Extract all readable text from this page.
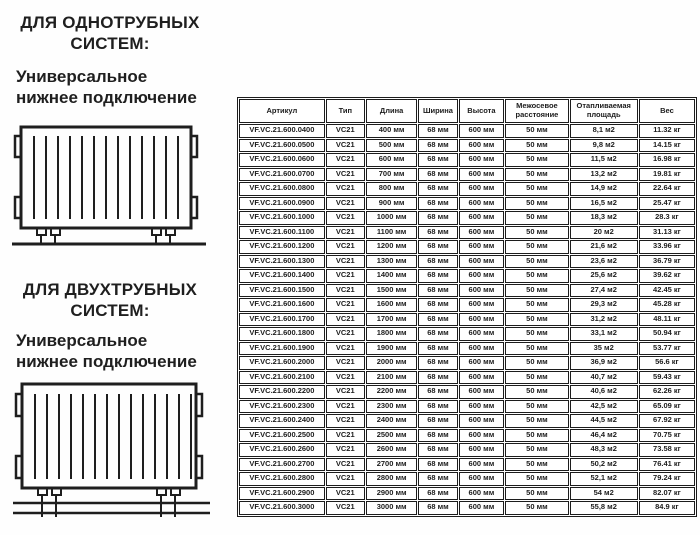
ДЛЯ ОДНОТРУБНЫХ СИСТЕМ:
Универсальное нижнее подключение
ДЛЯ ДВУХТРУБНЫХ СИСТЕМ:
Универсальное нижнее подключение
Артикул	Тип	Длина	Ширина	Высота	Межосевое расстояние	Отапливаемая площадь	Вес
VF.VC.21.600.0400	VC21	400 мм	68 мм	600 мм	50 мм	8,1 м2	11.32 кг
VF.VC.21.600.0500	VC21	500 мм	68 мм	600 мм	50 мм	9,8 м2	14.15 кг
VF.VC.21.600.0600	VC21	600 мм	68 мм	600 мм	50 мм	11,5 м2	16.98 кг
VF.VC.21.600.0700	VC21	700 мм	68 мм	600 мм	50 мм	13,2 м2	19.81 кг
VF.VC.21.600.0800	VC21	800 мм	68 мм	600 мм	50 мм	14,9 м2	22.64 кг
VF.VC.21.600.0900	VC21	900 мм	68 мм	600 мм	50 мм	16,5 м2	25.47 кг
VF.VC.21.600.1000	VC21	1000 мм	68 мм	600 мм	50 мм	18,3 м2	28.3 кг
VF.VC.21.600.1100	VC21	1100 мм	68 мм	600 мм	50 мм	20 м2	31.13 кг
VF.VC.21.600.1200	VC21	1200 мм	68 мм	600 мм	50 мм	21,6 м2	33.96 кг
VF.VC.21.600.1300	VC21	1300 мм	68 мм	600 мм	50 мм	23,6 м2	36.79 кг
VF.VC.21.600.1400	VC21	1400 мм	68 мм	600 мм	50 мм	25,6 м2	39.62 кг
VF.VC.21.600.1500	VC21	1500 мм	68 мм	600 мм	50 мм	27,4 м2	42.45 кг
VF.VC.21.600.1600	VC21	1600 мм	68 мм	600 мм	50 мм	29,3 м2	45.28 кг
VF.VC.21.600.1700	VC21	1700 мм	68 мм	600 мм	50 мм	31,2 м2	48.11 кг
VF.VC.21.600.1800	VC21	1800 мм	68 мм	600 мм	50 мм	33,1 м2	50.94 кг
VF.VC.21.600.1900	VC21	1900 мм	68 мм	600 мм	50 мм	35 м2	53.77 кг
VF.VC.21.600.2000	VC21	2000 мм	68 мм	600 мм	50 мм	36,9 м2	56.6 кг
VF.VC.21.600.2100	VC21	2100 мм	68 мм	600 мм	50 мм	40,7 м2	59.43 кг
VF.VC.21.600.2200	VC21	2200 мм	68 мм	600 мм	50 мм	40,6 м2	62.26 кг
VF.VC.21.600.2300	VC21	2300 мм	68 мм	600 мм	50 мм	42,5 м2	65.09 кг
VF.VC.21.600.2400	VC21	2400 мм	68 мм	600 мм	50 мм	44,5 м2	67.92 кг
VF.VC.21.600.2500	VC21	2500 мм	68 мм	600 мм	50 мм	46,4 м2	70.75 кг
VF.VC.21.600.2600	VC21	2600 мм	68 мм	600 мм	50 мм	48,3 м2	73.58 кг
VF.VC.21.600.2700	VC21	2700 мм	68 мм	600 мм	50 мм	50,2 м2	76.41 кг
VF.VC.21.600.2800	VC21	2800 мм	68 мм	600 мм	50 мм	52,1 м2	79.24 кг
VF.VC.21.600.2900	VC21	2900 мм	68 мм	600 мм	50 мм	54 м2	82.07 кг
VF.VC.21.600.3000	VC21	3000 мм	68 мм	600 мм	50 мм	55,8 м2	84.9 кг
